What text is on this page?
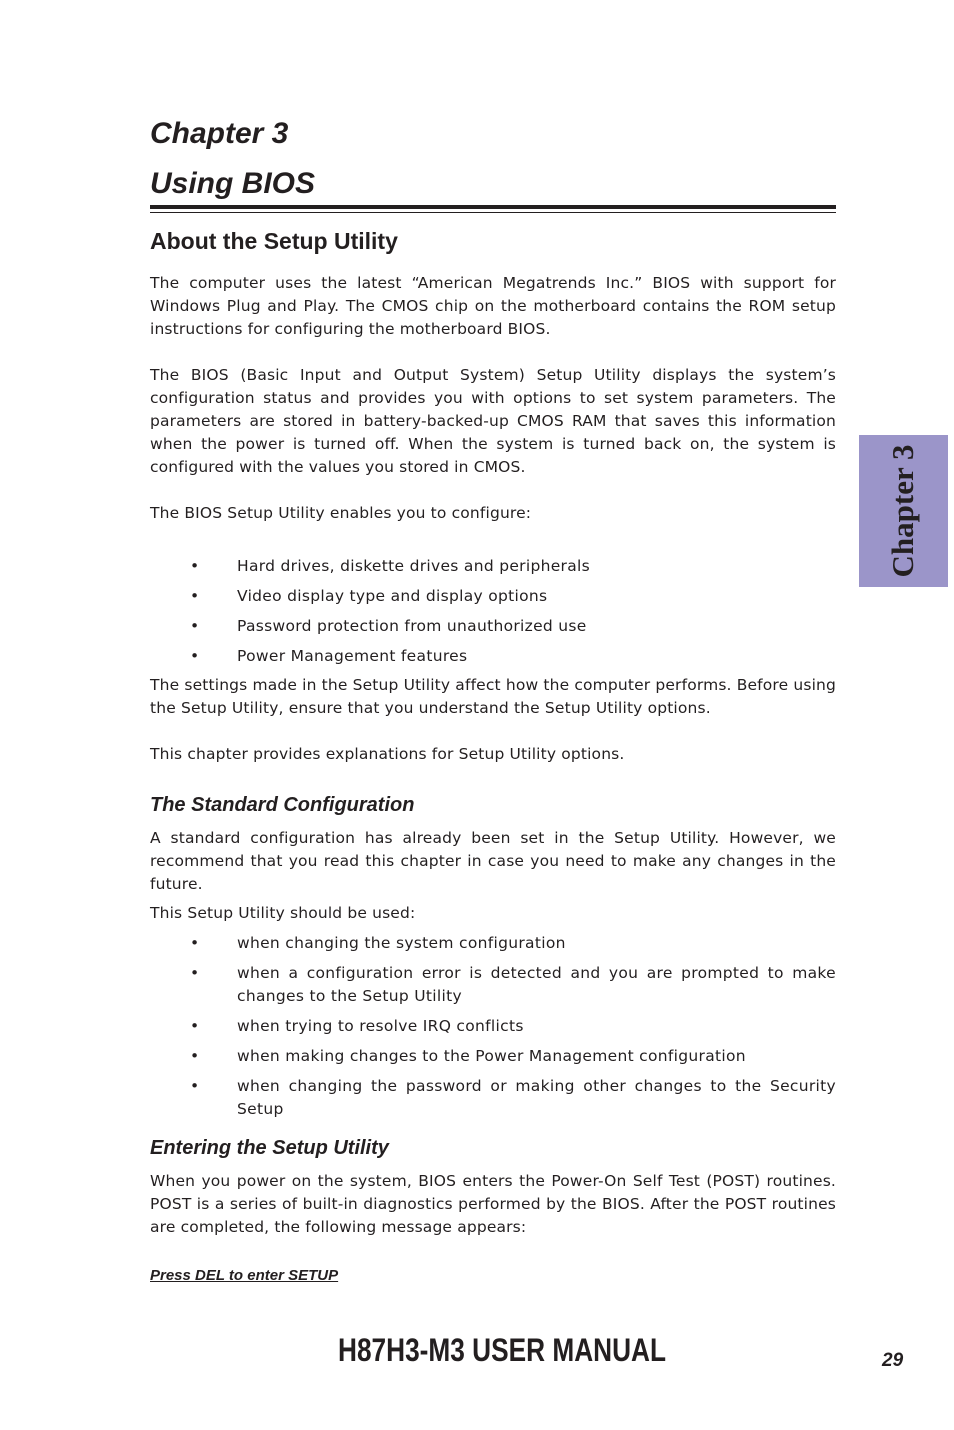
Chapter 3
Using BIOS
About the Setup Utility

The computer uses the latest “American Megatrends Inc.” BIOS with support for Windows Plug and Play. The CMOS chip on the motherboard contains the ROM setup instructions for configuring the motherboard BIOS.

The BIOS (Basic Input and Output System) Setup Utility displays the system’s configuration status and provides you with options to set system parameters. The parameters are stored in battery-backed-up CMOS RAM that saves this information when the power is turned off. When the system is turned back on, the system is configured with the values you stored in CMOS.

The BIOS Setup Utility enables you to configure:

• Hard drives, diskette drives and peripherals
• Video display type and display options
• Password protection from unauthorized use
• Power Management features

The settings made in the Setup Utility affect how the computer performs. Before using the Setup Utility, ensure that you understand the Setup Utility options.

This chapter provides explanations for Setup Utility options.

The Standard Configuration

A standard configuration has already been set in the Setup Utility. However, we recommend that you read this chapter in case you need to make any changes in the future.

This Setup Utility should be used:

• when changing the system configuration
• when a configuration error is detected and you are prompted to make changes to the Setup Utility
• when trying to resolve IRQ conflicts
• when making changes to the Power Management configuration
• when changing the password or making other changes to the Security Setup
Entering the Setup Utility

When you power on the system, BIOS enters the Power-On Self Test (POST) routines. POST is a series of built-in diagnostics performed by the BIOS. After the POST routines are completed, the following message appears:

Press DEL to enter SETUP

Chapter 3
H87H3-M3 USER MANUAL	29
